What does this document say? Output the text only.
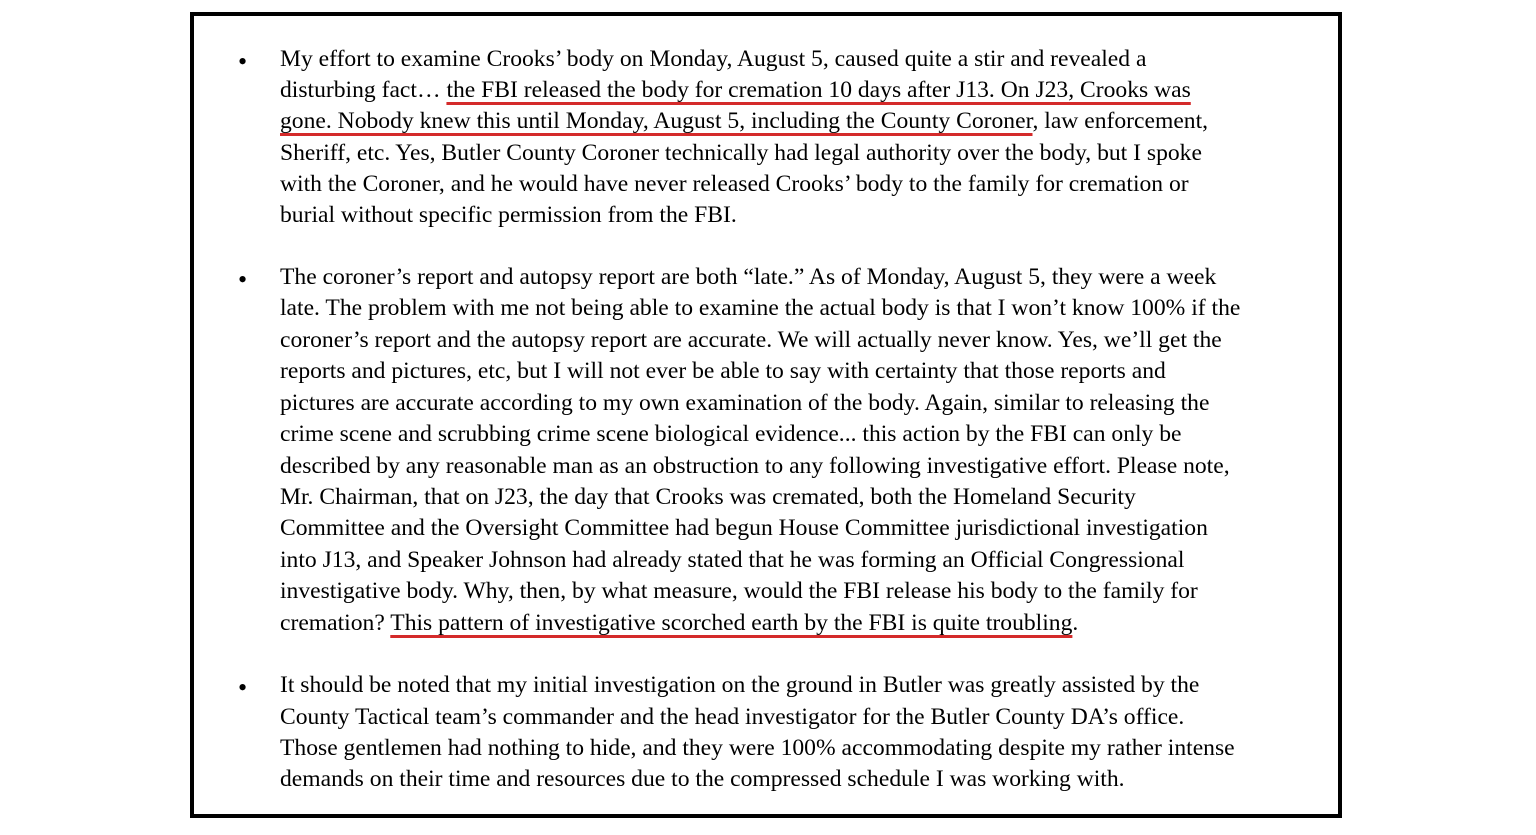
• My effort to examine Crooks’ body on Monday, August 5, caused quite a stir and revealed a
disturbing fact… the FBI released the body for cremation 10 days after J13. On J23, Crooks was
gone. Nobody knew this until Monday, August 5, including the County Coroner, law enforcement,
Sheriff, etc. Yes, Butler County Coroner technically had legal authority over the body, but I spoke
with the Coroner, and he would have never released Crooks’ body to the family for cremation or
burial without specific permission from the FBI.
• The coroner’s report and autopsy report are both “late.” As of Monday, August 5, they were a week
late. The problem with me not being able to examine the actual body is that I won’t know 100% if the
coroner’s report and the autopsy report are accurate. We will actually never know. Yes, we’ll get the
reports and pictures, etc, but I will not ever be able to say with certainty that those reports and
pictures are accurate according to my own examination of the body. Again, similar to releasing the
crime scene and scrubbing crime scene biological evidence... this action by the FBI can only be
described by any reasonable man as an obstruction to any following investigative effort. Please note,
Mr. Chairman, that on J23, the day that Crooks was cremated, both the Homeland Security
Committee and the Oversight Committee had begun House Committee jurisdictional investigation
into J13, and Speaker Johnson had already stated that he was forming an Official Congressional
investigative body. Why, then, by what measure, would the FBI release his body to the family for
cremation? This pattern of investigative scorched earth by the FBI is quite troubling.
• It should be noted that my initial investigation on the ground in Butler was greatly assisted by the
County Tactical team’s commander and the head investigator for the Butler County DA’s office.
Those gentlemen had nothing to hide, and they were 100% accommodating despite my rather intense
demands on their time and resources due to the compressed schedule I was working with.
